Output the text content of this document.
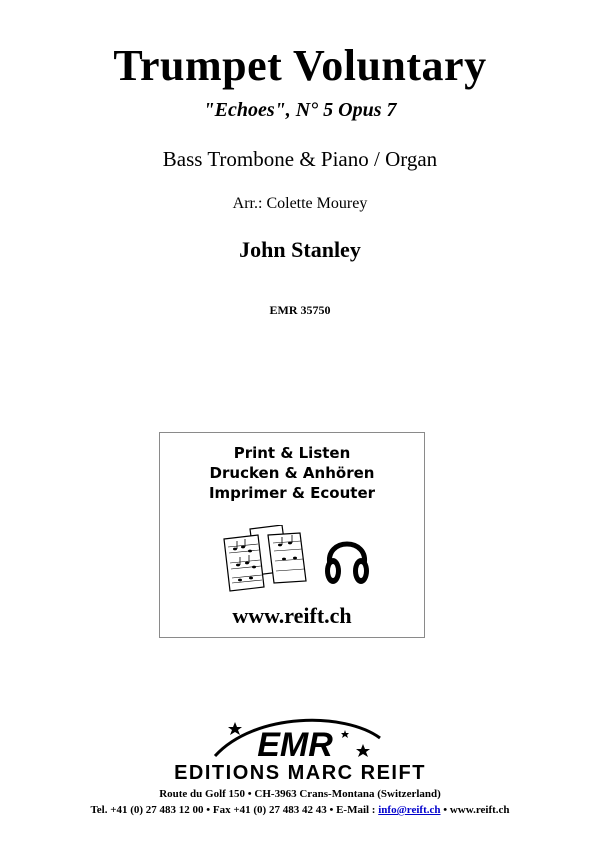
Trumpet Voluntary
"Echoes", N° 5 Opus 7
Bass Trombone & Piano / Organ
Arr.: Colette Mourey
John Stanley
EMR 35750
Print & Listen
Drucken & Anhören
Imprimer & Ecouter
www.reift.ch
EMR
EDITIONS MARC REIFT
Route du Golf 150 • CH-3963 Crans-Montana (Switzerland)
Tel. +41 (0) 27 483 12 00 • Fax +41 (0) 27 483 42 43 • E-Mail : info@reift.ch • www.reift.ch
